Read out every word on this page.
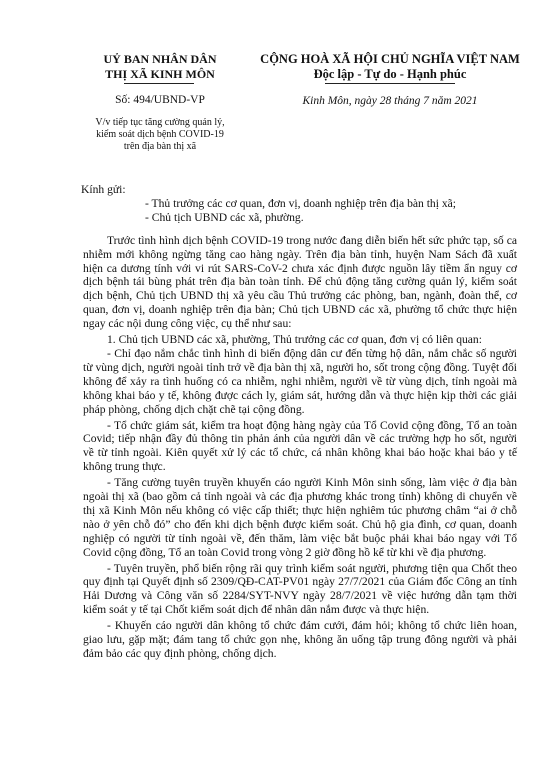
UỶ BAN NHÂN DÂN
THỊ XÃ KINH MÔN
CỘNG HOÀ XÃ HỘI CHỦ NGHĨA VIỆT NAM
Độc lập - Tự do - Hạnh phúc
Số: 494/UBND-VP	Kinh Môn, ngày 28 tháng 7 năm 2021
V/v tiếp tục tăng cường quản lý,
kiểm soát dịch bệnh COVID-19
trên địa bàn thị xã
Kính gửi:
- Thủ trưởng các cơ quan, đơn vị, doanh nghiệp trên địa bàn thị xã;
- Chủ tịch UBND các xã, phường.

Trước tình hình dịch bệnh COVID-19 trong nước đang diễn biến hết sức phức tạp, số ca nhiễm mới không ngừng tăng cao hàng ngày. Trên địa bàn tỉnh, huyện Nam Sách đã xuất hiện ca dương tính với vi rút SARS-CoV-2 chưa xác định được nguồn lây tiềm ẩn nguy cơ dịch bệnh tái bùng phát trên địa bàn toàn tỉnh. Để chủ động tăng cường quản lý, kiểm soát dịch bệnh, Chủ tịch UBND thị xã yêu cầu Thủ trưởng các phòng, ban, ngành, đoàn thể, cơ quan, đơn vị, doanh nghiệp trên địa bàn; Chủ tịch UBND các xã, phường tổ chức thực hiện ngay các nội dung công việc, cụ thể như sau:

1. Chủ tịch UBND các xã, phường, Thủ trưởng các cơ quan, đơn vị có liên quan:

- Chỉ đạo nắm chắc tình hình di biến động dân cư đến từng hộ dân, nắm chắc số người từ vùng dịch, người ngoài tỉnh trở về địa bàn thị xã, người ho, sốt trong cộng đồng. Tuyệt đối không để xảy ra tình huống có ca nhiễm, nghi nhiễm, người về từ vùng dịch, tỉnh ngoài mà không khai báo y tế, không được cách ly, giám sát, hướng dẫn và thực hiện kịp thời các giải pháp phòng, chống dịch chặt chẽ tại cộng đồng.

- Tổ chức giám sát, kiểm tra hoạt động hàng ngày của Tổ Covid cộng đồng, Tổ an toàn Covid; tiếp nhận đầy đủ thông tin phản ánh của người dân về các trường hợp ho sốt, người về từ tỉnh ngoài. Kiên quyết xử lý các tổ chức, cá nhân không khai báo hoặc khai báo y tế không trung thực.

- Tăng cường tuyên truyền khuyến cáo người Kinh Môn sinh sống, làm việc ở địa bàn ngoài thị xã (bao gồm cả tỉnh ngoài và các địa phương khác trong tỉnh) không di chuyển về thị xã Kinh Môn nếu không có việc cấp thiết; thực hiện nghiêm túc phương châm “ai ở chỗ nào ở yên chỗ đó” cho đến khi dịch bệnh được kiểm soát. Chủ hộ gia đình, cơ quan, doanh nghiệp có người từ tỉnh ngoài về, đến thăm, làm việc bắt buộc phải khai báo ngay với Tổ Covid cộng đồng, Tổ an toàn Covid trong vòng 2 giờ đồng hồ kể từ khi về địa phương.

- Tuyên truyền, phổ biến rộng rãi quy trình kiểm soát người, phương tiện qua Chốt theo quy định tại Quyết định số 2309/QĐ-CAT-PV01 ngày 27/7/2021 của Giám đốc Công an tỉnh Hải Dương và Công văn số 2284/SYT-NVY ngày 28/7/2021 về việc hướng dẫn tạm thời kiểm soát y tế tại Chốt kiểm soát dịch để nhân dân nắm được và thực hiện.

- Khuyến cáo người dân không tổ chức đám cưới, đám hỏi; không tổ chức liên hoan, giao lưu, gặp mặt; đám tang tổ chức gọn nhẹ, không ăn uống tập trung đông người và phải đảm bảo các quy định phòng, chống dịch.
